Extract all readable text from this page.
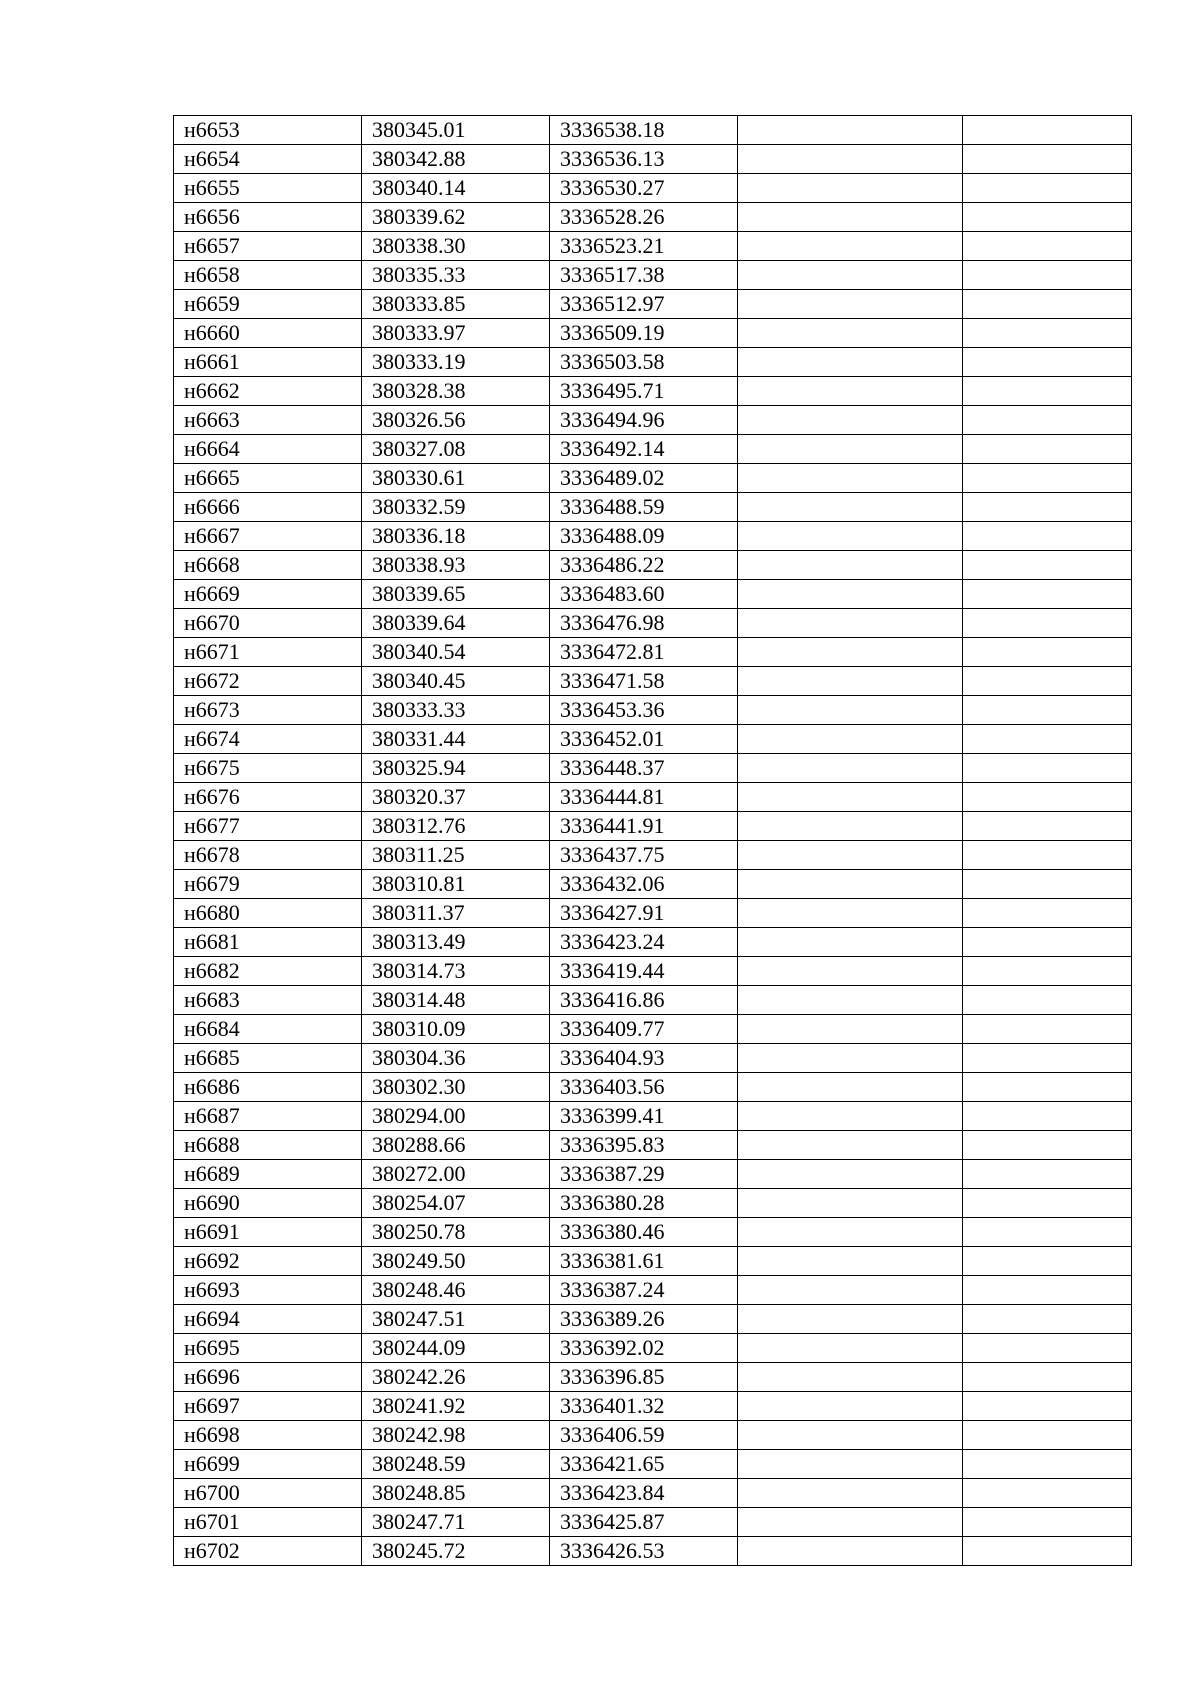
н6653	380345.01	3336538.18		
н6654	380342.88	3336536.13		
н6655	380340.14	3336530.27		
н6656	380339.62	3336528.26		
н6657	380338.30	3336523.21		
н6658	380335.33	3336517.38		
н6659	380333.85	3336512.97		
н6660	380333.97	3336509.19		
н6661	380333.19	3336503.58		
н6662	380328.38	3336495.71		
н6663	380326.56	3336494.96		
н6664	380327.08	3336492.14		
н6665	380330.61	3336489.02		
н6666	380332.59	3336488.59		
н6667	380336.18	3336488.09		
н6668	380338.93	3336486.22		
н6669	380339.65	3336483.60		
н6670	380339.64	3336476.98		
н6671	380340.54	3336472.81		
н6672	380340.45	3336471.58		
н6673	380333.33	3336453.36		
н6674	380331.44	3336452.01		
н6675	380325.94	3336448.37		
н6676	380320.37	3336444.81		
н6677	380312.76	3336441.91		
н6678	380311.25	3336437.75		
н6679	380310.81	3336432.06		
н6680	380311.37	3336427.91		
н6681	380313.49	3336423.24		
н6682	380314.73	3336419.44		
н6683	380314.48	3336416.86		
н6684	380310.09	3336409.77		
н6685	380304.36	3336404.93		
н6686	380302.30	3336403.56		
н6687	380294.00	3336399.41		
н6688	380288.66	3336395.83		
н6689	380272.00	3336387.29		
н6690	380254.07	3336380.28		
н6691	380250.78	3336380.46		
н6692	380249.50	3336381.61		
н6693	380248.46	3336387.24		
н6694	380247.51	3336389.26		
н6695	380244.09	3336392.02		
н6696	380242.26	3336396.85		
н6697	380241.92	3336401.32		
н6698	380242.98	3336406.59		
н6699	380248.59	3336421.65		
н6700	380248.85	3336423.84		
н6701	380247.71	3336425.87		
н6702	380245.72	3336426.53		
